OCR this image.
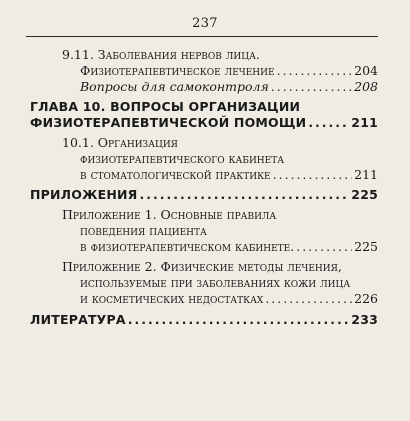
237
9.11. Заболевания нервов лица.
Физиотерапевтическое лечение .....	204
Вопросы для самоконтроля .....	208
ГЛАВА 10. ВОПРОСЫ ОРГАНИЗАЦИИ
ФИЗИОТЕРАПЕВТИЧЕСКОЙ ПОМОЩИ .....	211
10.1. Организация
физиотерапевтического кабинета
в стоматологической практике .....	211
ПРИЛОЖЕНИЯ .....	225
Приложение 1. Основные правила
поведения пациента
в физиотерапевтическом кабинете. .....	225
Приложение 2. Физические методы лечения,
используемые при заболеваниях кожи лица
и косметических недостатках .....	226
ЛИТЕРАТУРА .....	233
